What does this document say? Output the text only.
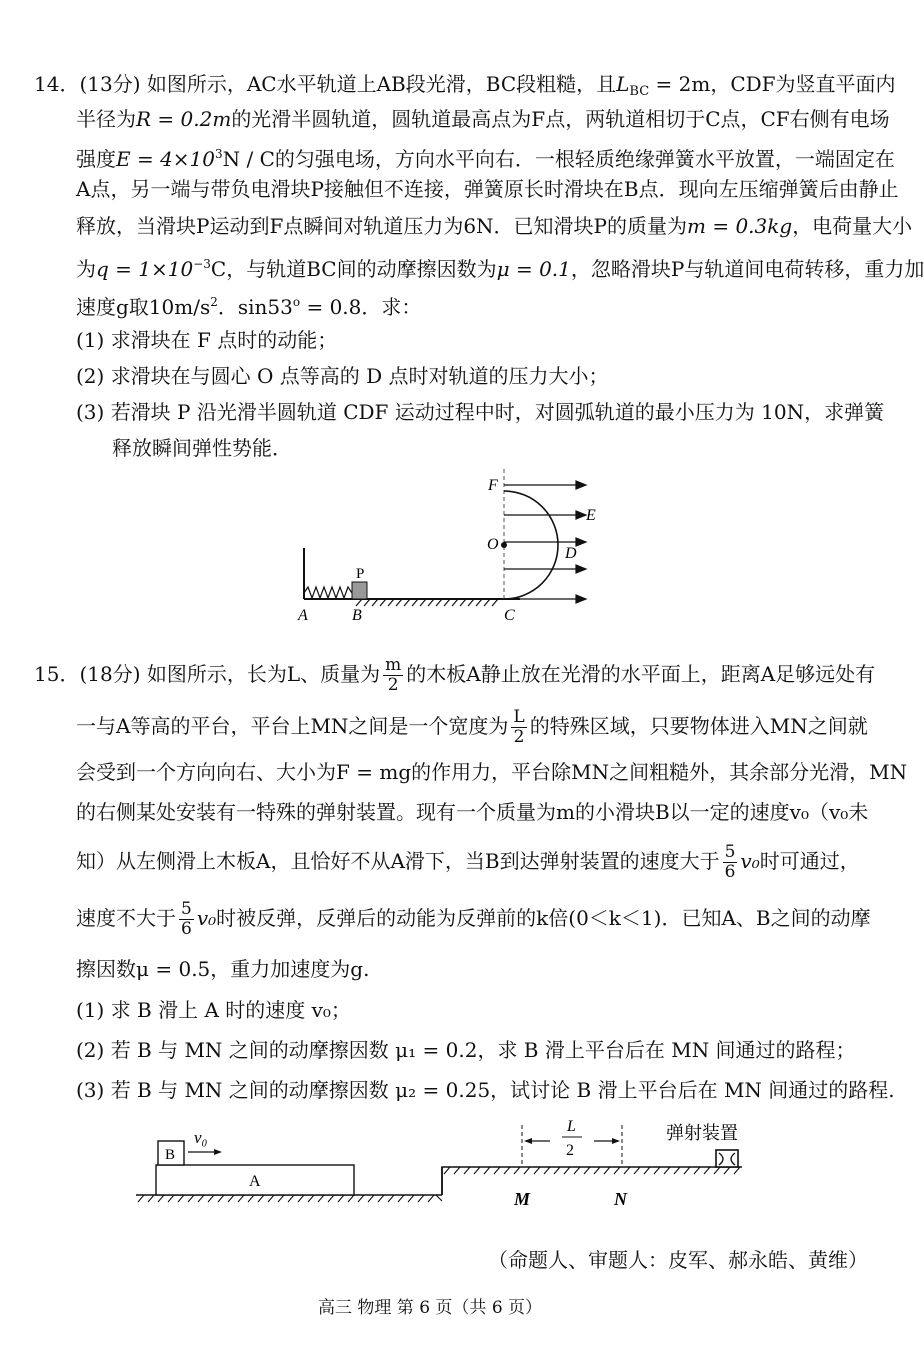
14．(13分) 如图所示，AC水平轨道上AB段光滑，BC段粗糙，且$L_{BC} = 2m$，CDF为竖直平面内
半径为R = 0.2m的光滑半圆轨道，圆轨道最高点为F点，两轨道相切于C点，CF右侧有电场
强度$E = 4\times 10^3N / C$的匀强电场，方向水平向右．一根轻质绝缘弹簧水平放置，一端固定在
A点，另一端与带负电滑块P接触但不连接，弹簧原长时滑块在B点．现向左压缩弹簧后由静止
释放，当滑块P运动到F点瞬间对轨道压力为6N．已知滑块P的质量为m = 0.3kg，电荷量大小
为$q = 1\times 10^{-3}C$，与轨道BC间的动摩擦因数为μ = 0.1，忽略滑块P与轨道间电荷转移，重力加
速度g取$10m/s^2$．$\sin 53^o = 0.8$．求：
(1) 求滑块在 F 点时的动能；
(2) 求滑块在与圆心 O 点等高的 D 点时对轨道的压力大小；
(3) 若滑块 P 沿光滑半圆轨道 CDF 运动过程中时，对圆弧轨道的最小压力为 10N，求弹簧
释放瞬间弹性势能．
P
F
E
O
D
A	B	C
15．(18分) 如图所示，长为L、质量为 $\frac{m}{2}$ 的木板A静止放在光滑的水平面上，距离A足够远处有
一与A等高的平台，平台上MN之间是一个宽度为 $\frac{L}{2}$ 的特殊区域，只要物体进入MN之间就
会受到一个方向向右、大小为F = mg的作用力，平台除MN之间粗糙外，其余部分光滑，MN
的右侧某处安装有一特殊的弹射装置。现有一个质量为m的小滑块B以一定的速度v₀（v₀未
知）从左侧滑上木板A，且恰好不从A滑下，当B到达弹射装置的速度大于 $\frac{5}{6} v_0$时可通过，
速度不大于 $\frac{5}{6} v_0$时被反弹，反弹后的动能为反弹前的k倍(0＜k＜1)．已知A、B之间的动摩
擦因数μ = 0.5，重力加速度为g.
(1) 求 B 滑上 A 时的速度 v₀；
(2) 若 B 与 MN 之间的动摩擦因数 μ₁ = 0.2，求 B 滑上平台后在 MN 间通过的路程；
(3) 若 B 与 MN 之间的动摩擦因数 μ₂ = 0.25，试讨论 B 滑上平台后在 MN 间通过的路程.
A
B
v₀
L
2
M	N
弹射装置
（命题人、审题人：皮军、郝永皓、黄维）
高三 物理 第 6 页（共 6 页）
